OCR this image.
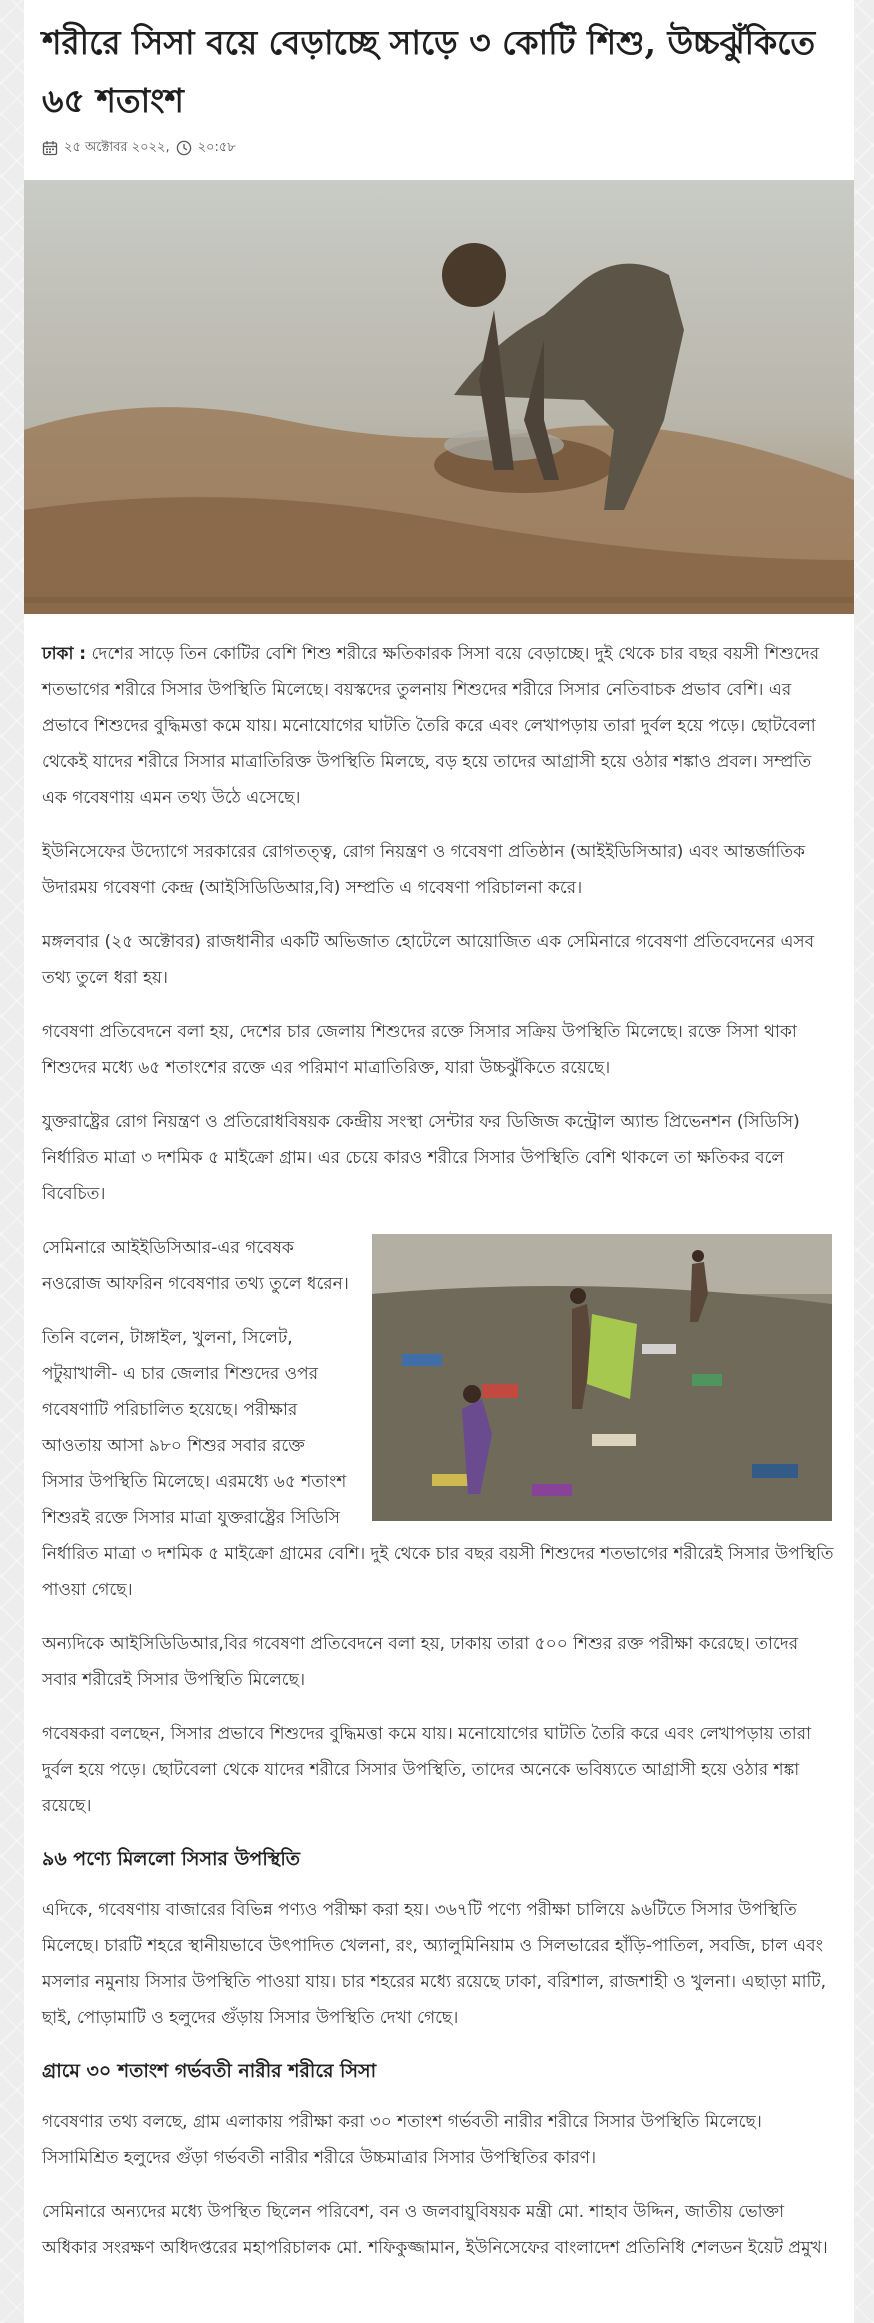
শরীরে সিসা বয়ে বেড়াচ্ছে সাড়ে ৩ কোটি শিশু, উচ্চঝুঁকিতে ৬৫ শতাংশ
২৫ অক্টোবর ২০২২, ২০:৫৮

ঢাকা : দেশের সাড়ে তিন কোটির বেশি শিশু শরীরে ক্ষতিকারক সিসা বয়ে বেড়াচ্ছে। দুই থেকে চার বছর বয়সী শিশুদের শতভাগের শরীরে সিসার উপস্থিতি মিলেছে। বয়স্কদের তুলনায় শিশুদের শরীরে সিসার নেতিবাচক প্রভাব বেশি। এর প্রভাবে শিশুদের বুদ্ধিমত্তা কমে যায়। মনোযোগের ঘাটতি তৈরি করে এবং লেখাপড়ায় তারা দুর্বল হয়ে পড়ে। ছোটবেলা থেকেই যাদের শরীরে সিসার মাত্রাতিরিক্ত উপস্থিতি মিলছে, বড় হয়ে তাদের আগ্রাসী হয়ে ওঠার শঙ্কাও প্রবল। সম্প্রতি এক গবেষণায় এমন তথ্য উঠে এসেছে।

ইউনিসেফের উদ্যোগে সরকারের রোগতত্ত্ব, রোগ নিয়ন্ত্রণ ও গবেষণা প্রতিষ্ঠান (আইইডিসিআর) এবং আন্তর্জাতিক উদারময় গবেষণা কেন্দ্র (আইসিডিডিআর,বি) সম্প্রতি এ গবেষণা পরিচালনা করে।

মঙ্গলবার (২৫ অক্টোবর) রাজধানীর একটি অভিজাত হোটেলে আয়োজিত এক সেমিনারে গবেষণা প্রতিবেদনের এসব তথ্য তুলে ধরা হয়।

গবেষণা প্রতিবেদনে বলা হয়, দেশের চার জেলায় শিশুদের রক্তে সিসার সক্রিয় উপস্থিতি মিলেছে। রক্তে সিসা থাকা শিশুদের মধ্যে ৬৫ শতাংশের রক্তে এর পরিমাণ মাত্রাতিরিক্ত, যারা উচ্চঝুঁকিতে রয়েছে।

যুক্তরাষ্ট্রের রোগ নিয়ন্ত্রণ ও প্রতিরোধবিষয়ক কেন্দ্রীয় সংস্থা সেন্টার ফর ডিজিজ কন্ট্রোল অ্যান্ড প্রিভেনশন (সিডিসি) নির্ধারিত মাত্রা ৩ দশমিক ৫ মাইক্রো গ্রাম। এর চেয়ে কারও শরীরে সিসার উপস্থিতি বেশি থাকলে তা ক্ষতিকর বলে বিবেচিত।

সেমিনারে আইইডিসিআর-এর গবেষক নওরোজ আফরিন গবেষণার তথ্য তুলে ধরেন।

তিনি বলেন, টাঙ্গাইল, খুলনা, সিলেট, পটুয়াখালী- এ চার জেলার শিশুদের ওপর গবেষণাটি পরিচালিত হয়েছে। পরীক্ষার আওতায় আসা ৯৮০ শিশুর সবার রক্তে সিসার উপস্থিতি মিলেছে। এরমধ্যে ৬৫ শতাংশ শিশুরই রক্তে সিসার মাত্রা যুক্তরাষ্ট্রের সিডিসি নির্ধারিত মাত্রা ৩ দশমিক ৫ মাইক্রো গ্রামের বেশি। দুই থেকে চার বছর বয়সী শিশুদের শতভাগের শরীরেই সিসার উপস্থিতি পাওয়া গেছে।

অন্যদিকে আইসিডিডিআর,বির গবেষণা প্রতিবেদনে বলা হয়, ঢাকায় তারা ৫০০ শিশুর রক্ত পরীক্ষা করেছে। তাদের সবার শরীরেই সিসার উপস্থিতি মিলেছে।

গবেষকরা বলছেন, সিসার প্রভাবে শিশুদের বুদ্ধিমত্তা কমে যায়। মনোযোগের ঘাটতি তৈরি করে এবং লেখাপড়ায় তারা দুর্বল হয়ে পড়ে। ছোটবেলা থেকে যাদের শরীরে সিসার উপস্থিতি, তাদের অনেকে ভবিষ্যতে আগ্রাসী হয়ে ওঠার শঙ্কা রয়েছে।

৯৬ পণ্যে মিললো সিসার উপস্থিতি

এদিকে, গবেষণায় বাজারের বিভিন্ন পণ্যও পরীক্ষা করা হয়। ৩৬৭টি পণ্যে পরীক্ষা চালিয়ে ৯৬টিতে সিসার উপস্থিতি মিলেছে। চারটি শহরে স্থানীয়ভাবে উৎপাদিত খেলনা, রং, অ্যালুমিনিয়াম ও সিলভারের হাঁড়ি-পাতিল, সবজি, চাল এবং মসলার নমুনায় সিসার উপস্থিতি পাওয়া যায়। চার শহরের মধ্যে রয়েছে ঢাকা, বরিশাল, রাজশাহী ও খুলনা। এছাড়া মাটি, ছাই, পোড়ামাটি ও হলুদের গুঁড়ায় সিসার উপস্থিতি দেখা গেছে।

গ্রামে ৩০ শতাংশ গর্ভবতী নারীর শরীরে সিসা

গবেষণার তথ্য বলছে, গ্রাম এলাকায় পরীক্ষা করা ৩০ শতাংশ গর্ভবতী নারীর শরীরে সিসার উপস্থিতি মিলেছে। সিসামিশ্রিত হলুদের গুঁড়া গর্ভবতী নারীর শরীরে উচ্চমাত্রার সিসার উপস্থিতির কারণ।

সেমিনারে অন্যদের মধ্যে উপস্থিত ছিলেন পরিবেশ, বন ও জলবায়ুবিষয়ক মন্ত্রী মো. শাহাব উদ্দিন, জাতীয় ভোক্তা অধিকার সংরক্ষণ অধিদপ্তরের মহাপরিচালক মো. শফিকুজ্জামান, ইউনিসেফের বাংলাদেশ প্রতিনিধি শেলডন ইয়েট প্রমুখ।
